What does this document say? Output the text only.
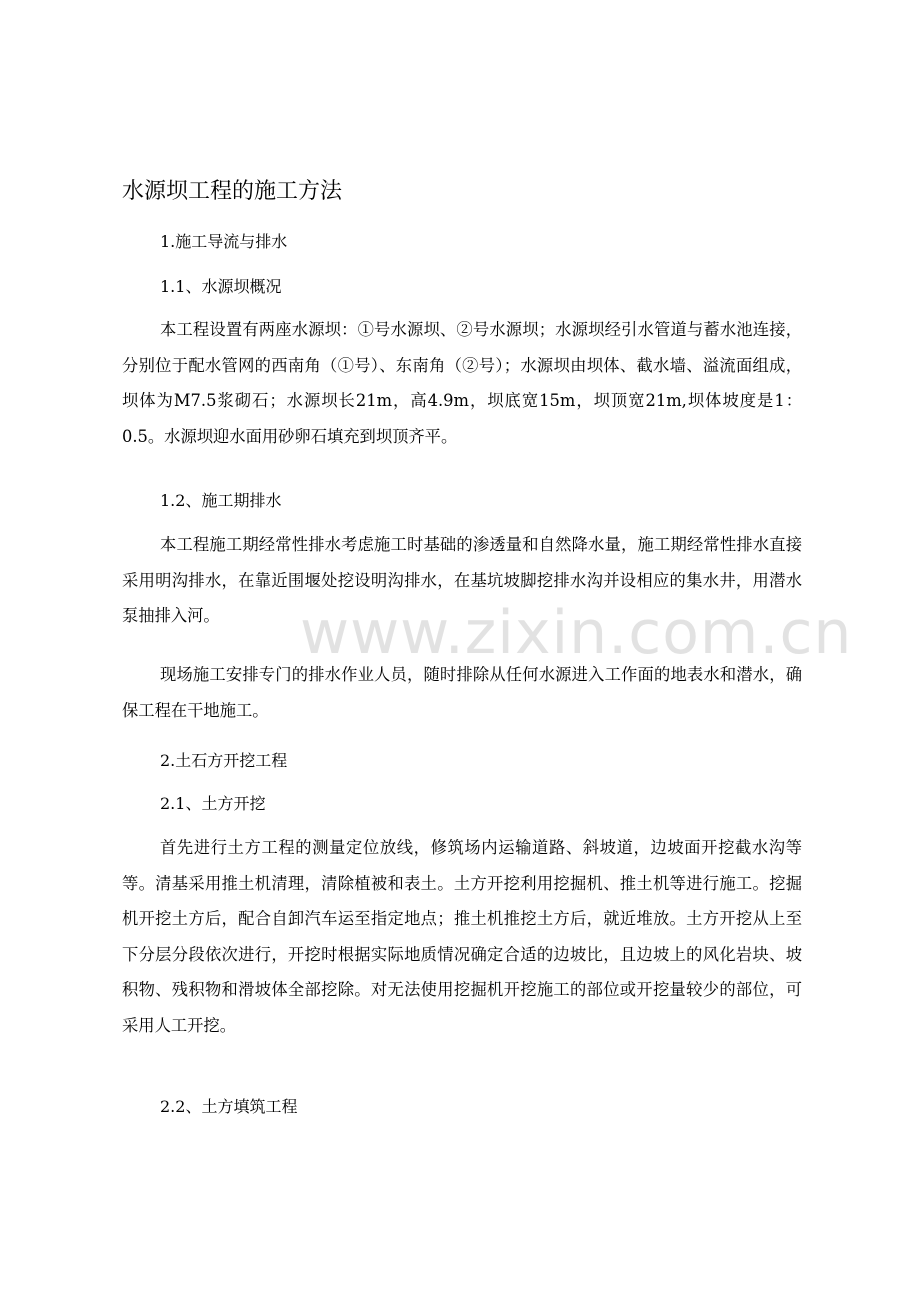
www.zixin.com.cn
水源坝工程的施工方法
1.施工导流与排水
1.1、水源坝概况
本工程设置有两座水源坝：①号水源坝、②号水源坝；水源坝经引水管道与蓄水池连接，分别位于配水管网的西南角（①号）、东南角（②号）；水源坝由坝体、截水墙、溢流面组成，坝体为M7.5浆砌石；水源坝长21m，高4.9m，坝底宽15m，坝顶宽21m,坝体坡度是1：0.5。水源坝迎水面用砂卵石填充到坝顶齐平。
1.2、施工期排水
本工程施工期经常性排水考虑施工时基础的渗透量和自然降水量，施工期经常性排水直接采用明沟排水，在靠近围堰处挖设明沟排水，在基坑坡脚挖排水沟并设相应的集水井，用潜水泵抽排入河。
现场施工安排专门的排水作业人员，随时排除从任何水源进入工作面的地表水和潜水，确保工程在干地施工。
2.土石方开挖工程
2.1、土方开挖
首先进行土方工程的测量定位放线，修筑场内运输道路、斜坡道，边坡面开挖截水沟等等。清基采用推土机清理，清除植被和表土。土方开挖利用挖掘机、推土机等进行施工。挖掘机开挖土方后，配合自卸汽车运至指定地点；推土机推挖土方后，就近堆放。土方开挖从上至下分层分段依次进行，开挖时根据实际地质情况确定合适的边坡比，且边坡上的风化岩块、坡积物、残积物和滑坡体全部挖除。对无法使用挖掘机开挖施工的部位或开挖量较少的部位，可采用人工开挖。
2.2、土方填筑工程
